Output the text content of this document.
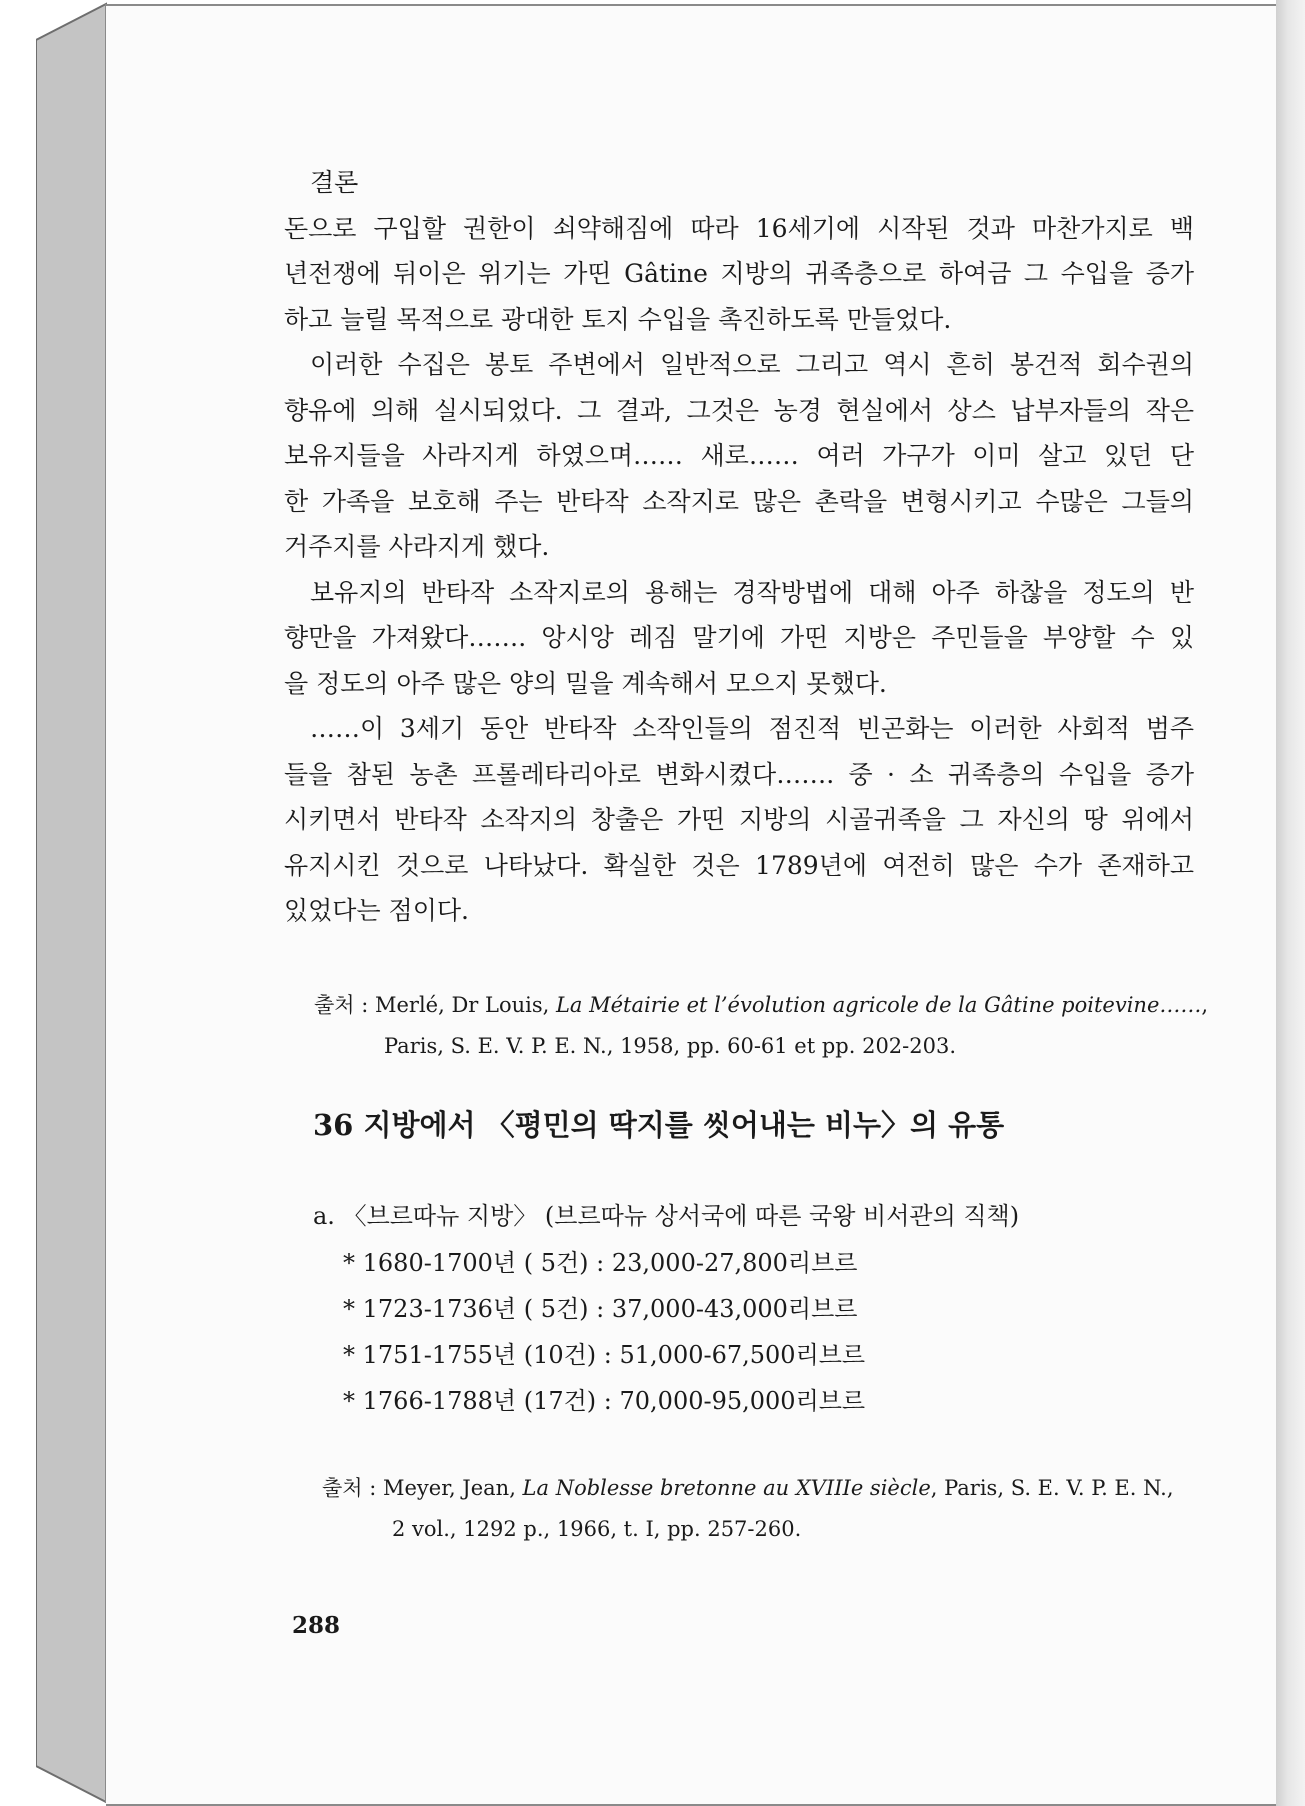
결론
돈으로 구입할 권한이 쇠약해짐에 따라 16세기에 시작된 것과 마찬가지로 백
년전쟁에 뒤이은 위기는 가띤 Gâtine 지방의 귀족층으로 하여금 그 수입을 증가
하고 늘릴 목적으로 광대한 토지 수입을 촉진하도록 만들었다.
이러한 수집은 봉토 주변에서 일반적으로 그리고 역시 흔히 봉건적 회수권의
향유에 의해 실시되었다. 그 결과, 그것은 농경 현실에서 상스 납부자들의 작은
보유지들을 사라지게 하였으며…… 새로…… 여러 가구가 이미 살고 있던 단
한 가족을 보호해 주는 반타작 소작지로 많은 촌락을 변형시키고 수많은 그들의
거주지를 사라지게 했다.
보유지의 반타작 소작지로의 용해는 경작방법에 대해 아주 하찮을 정도의 반
향만을 가져왔다……. 앙시앙 레짐 말기에 가띤 지방은 주민들을 부양할 수 있
을 정도의 아주 많은 양의 밀을 계속해서 모으지 못했다.
……이 3세기 동안 반타작 소작인들의 점진적 빈곤화는 이러한 사회적 범주
들을 참된 농촌 프롤레타리아로 변화시켰다……. 중 · 소 귀족층의 수입을 증가
시키면서 반타작 소작지의 창출은 가띤 지방의 시골귀족을 그 자신의 땅 위에서
유지시킨 것으로 나타났다. 확실한 것은 1789년에 여전히 많은 수가 존재하고
있었다는 점이다.
출처 : Merlé, Dr Louis, La Métairie et l’évolution agricole de la Gâtine poitevine……,
Paris, S. E. V. P. E. N., 1958, pp. 60-61 et pp. 202-203.
36 지방에서 〈평민의 딱지를 씻어내는 비누〉의 유통
a. 〈브르따뉴 지방〉 (브르따뉴 상서국에 따른 국왕 비서관의 직책)
* 1680-1700년 ( 5건) : 23,000-27,800리브르
* 1723-1736년 ( 5건) : 37,000-43,000리브르
* 1751-1755년 (10건) : 51,000-67,500리브르
* 1766-1788년 (17건) : 70,000-95,000리브르
출처 : Meyer, Jean, La Noblesse bretonne au XVIIIe siècle, Paris, S. E. V. P. E. N.,
2 vol., 1292 p., 1966, t. I, pp. 257-260.
288
